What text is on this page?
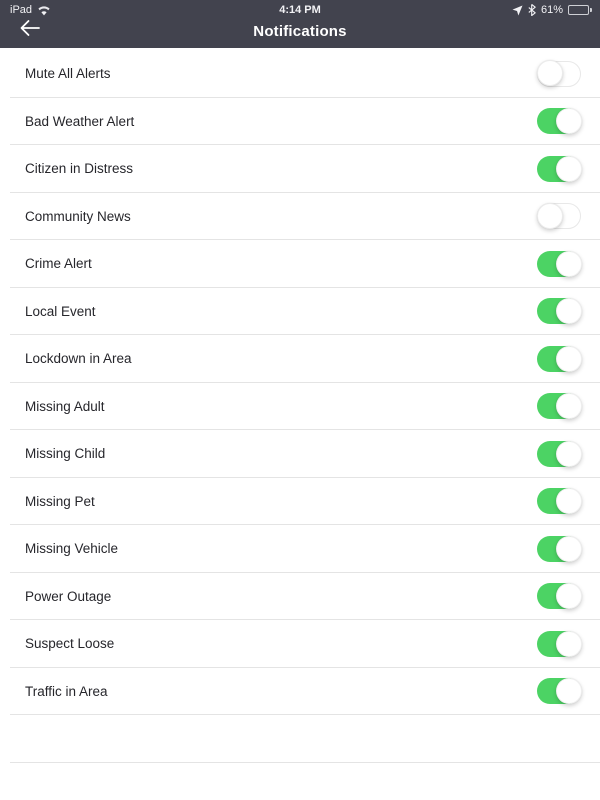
iPad	4:14 PM	61%
Notifications
Mute All Alerts
Bad Weather Alert
Citizen in Distress
Community News
Crime Alert
Local Event
Lockdown in Area
Missing Adult
Missing Child
Missing Pet
Missing Vehicle
Power Outage
Suspect Loose
Traffic in Area
